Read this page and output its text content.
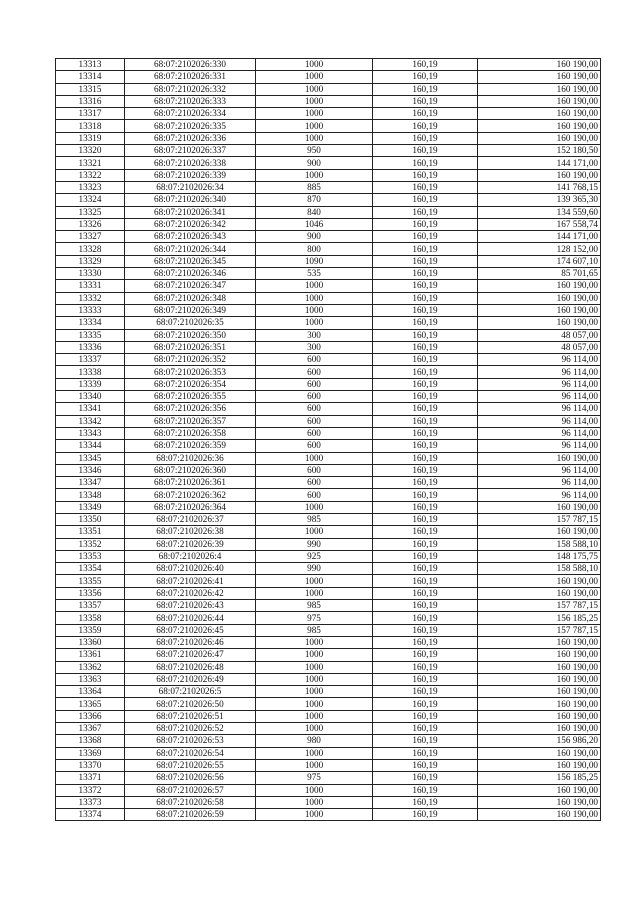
13313	68:07:2102026:330	1000	160,19	160 190,00
13314	68:07:2102026:331	1000	160,19	160 190,00
13315	68:07:2102026:332	1000	160,19	160 190,00
13316	68:07:2102026:333	1000	160,19	160 190,00
13317	68:07:2102026:334	1000	160,19	160 190,00
13318	68:07:2102026:335	1000	160,19	160 190,00
13319	68:07:2102026:336	1000	160,19	160 190,00
13320	68:07:2102026:337	950	160,19	152 180,50
13321	68:07:2102026:338	900	160,19	144 171,00
13322	68:07:2102026:339	1000	160,19	160 190,00
13323	68:07:2102026:34	885	160,19	141 768,15
13324	68:07:2102026:340	870	160,19	139 365,30
13325	68:07:2102026:341	840	160,19	134 559,60
13326	68:07:2102026:342	1046	160,19	167 558,74
13327	68:07:2102026:343	900	160,19	144 171,00
13328	68:07:2102026:344	800	160,19	128 152,00
13329	68:07:2102026:345	1090	160,19	174 607,10
13330	68:07:2102026:346	535	160,19	85 701,65
13331	68:07:2102026:347	1000	160,19	160 190,00
13332	68:07:2102026:348	1000	160,19	160 190,00
13333	68:07:2102026:349	1000	160,19	160 190,00
13334	68:07:2102026:35	1000	160,19	160 190,00
13335	68:07:2102026:350	300	160,19	48 057,00
13336	68:07:2102026:351	300	160,19	48 057,00
13337	68:07:2102026:352	600	160,19	96 114,00
13338	68:07:2102026:353	600	160,19	96 114,00
13339	68:07:2102026:354	600	160,19	96 114,00
13340	68:07:2102026:355	600	160,19	96 114,00
13341	68:07:2102026:356	600	160,19	96 114,00
13342	68:07:2102026:357	600	160,19	96 114,00
13343	68:07:2102026:358	600	160,19	96 114,00
13344	68:07:2102026:359	600	160,19	96 114,00
13345	68:07:2102026:36	1000	160,19	160 190,00
13346	68:07:2102026:360	600	160,19	96 114,00
13347	68:07:2102026:361	600	160,19	96 114,00
13348	68:07:2102026:362	600	160,19	96 114,00
13349	68:07:2102026:364	1000	160,19	160 190,00
13350	68:07:2102026:37	985	160,19	157 787,15
13351	68:07:2102026:38	1000	160,19	160 190,00
13352	68:07:2102026:39	990	160,19	158 588,10
13353	68:07:2102026:4	925	160,19	148 175,75
13354	68:07:2102026:40	990	160,19	158 588,10
13355	68:07:2102026:41	1000	160,19	160 190,00
13356	68:07:2102026:42	1000	160,19	160 190,00
13357	68:07:2102026:43	985	160,19	157 787,15
13358	68:07:2102026:44	975	160,19	156 185,25
13359	68:07:2102026:45	985	160,19	157 787,15
13360	68:07:2102026:46	1000	160,19	160 190,00
13361	68:07:2102026:47	1000	160,19	160 190,00
13362	68:07:2102026:48	1000	160,19	160 190,00
13363	68:07:2102026:49	1000	160,19	160 190,00
13364	68:07:2102026:5	1000	160,19	160 190,00
13365	68:07:2102026:50	1000	160,19	160 190,00
13366	68:07:2102026:51	1000	160,19	160 190,00
13367	68:07:2102026:52	1000	160,19	160 190,00
13368	68:07:2102026:53	980	160,19	156 986,20
13369	68:07:2102026:54	1000	160,19	160 190,00
13370	68:07:2102026:55	1000	160,19	160 190,00
13371	68:07:2102026:56	975	160,19	156 185,25
13372	68:07:2102026:57	1000	160,19	160 190,00
13373	68:07:2102026:58	1000	160,19	160 190,00
13374	68:07:2102026:59	1000	160,19	160 190,00
